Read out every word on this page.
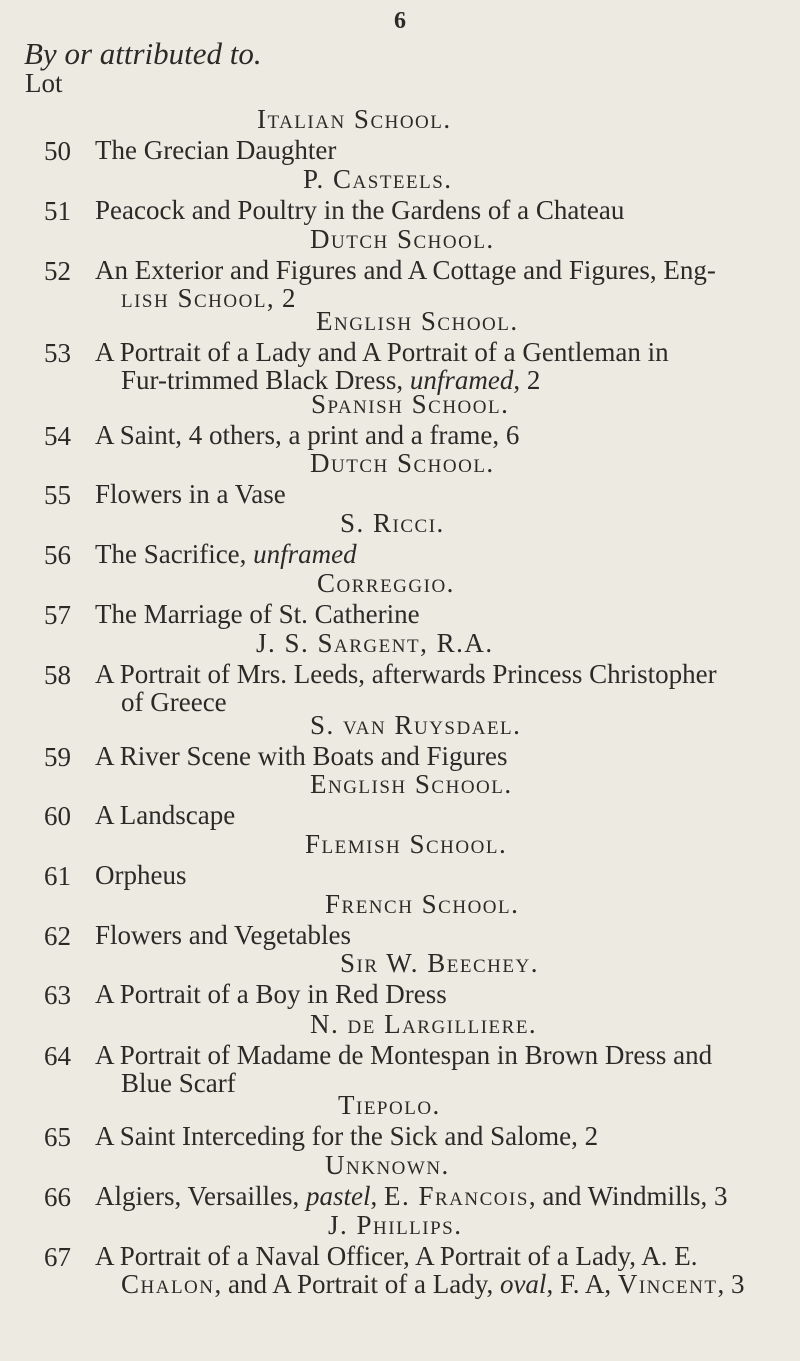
6
By or attributed to.
Lot
Italian School.
50 The Grecian Daughter
P. Casteels.
51 Peacock and Poultry in the Gardens of a Chateau
Dutch School.
52 An Exterior and Figures and A Cottage and Figures, Eng-
lish School, 2
English School.
53 A Portrait of a Lady and A Portrait of a Gentleman in
Fur-trimmed Black Dress, unframed, 2
Spanish School.
54 A Saint, 4 others, a print and a frame, 6
Dutch School.
55 Flowers in a Vase
S. Ricci.
56 The Sacrifice, unframed
Correggio.
57 The Marriage of St. Catherine
J. S. Sargent, R.A.
58 A Portrait of Mrs. Leeds, afterwards Princess Christopher
of Greece
S. van Ruysdael.
59 A River Scene with Boats and Figures
English School.
60 A Landscape
Flemish School.
61 Orpheus
French School.
62 Flowers and Vegetables
Sir W. Beechey.
63 A Portrait of a Boy in Red Dress
N. de Largilliere.
64 A Portrait of Madame de Montespan in Brown Dress and
Blue Scarf
Tiepolo.
65 A Saint Interceding for the Sick and Salome, 2
Unknown.
66 Algiers, Versailles, pastel, E. Francois, and Windmills, 3
J. Phillips.
67 A Portrait of a Naval Officer, A Portrait of a Lady, A. E.
Chalon, and A Portrait of a Lady, oval, F. A, Vincent, 3
